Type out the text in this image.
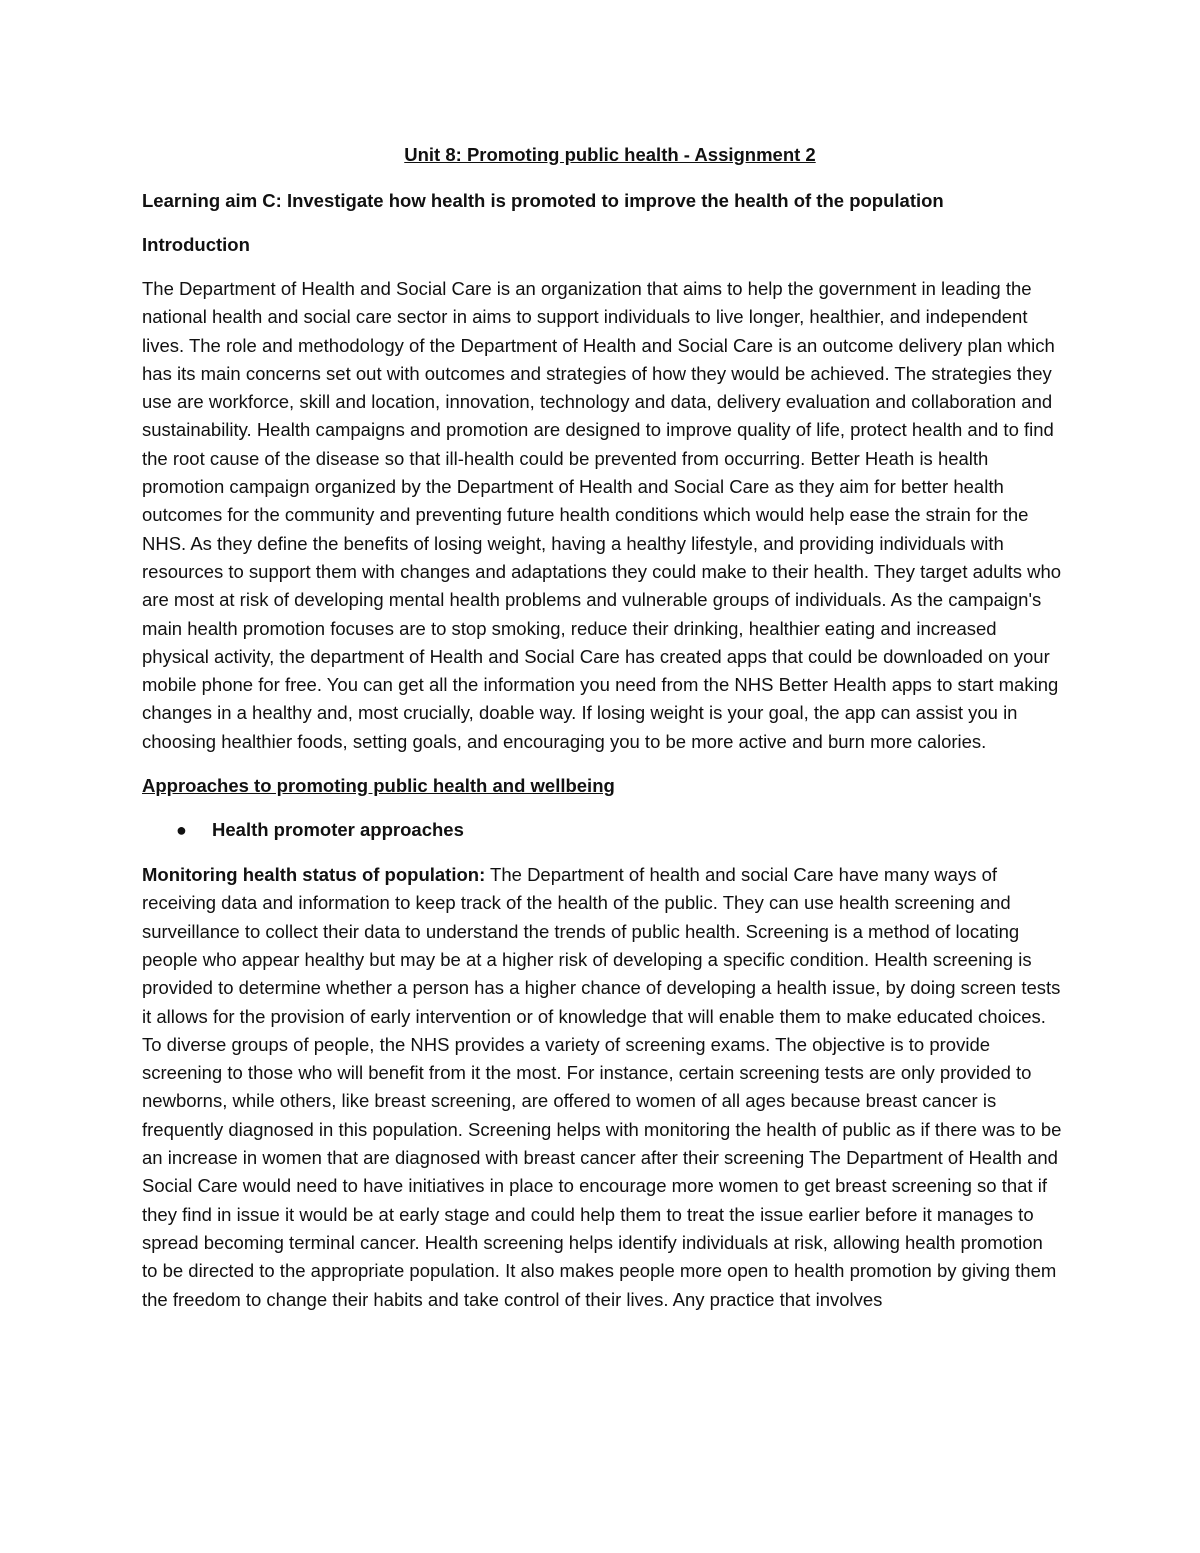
Unit 8: Promoting public health - Assignment 2
Learning aim C: Investigate how health is promoted to improve the health of the population
Introduction

The Department of Health and Social Care is an organization that aims to help the government in leading the national health and social care sector in aims to support individuals to live longer, healthier, and independent lives. The role and methodology of the Department of Health and Social Care is an outcome delivery plan which has its main concerns set out with outcomes and strategies of how they would be achieved. The strategies they use are workforce, skill and location, innovation, technology and data, delivery evaluation and collaboration and sustainability. Health campaigns and promotion are designed to improve quality of life, protect health and to find the root cause of the disease so that ill-health could be prevented from occurring. Better Heath is health promotion campaign organized by the Department of Health and Social Care as they aim for better health outcomes for the community and preventing future health conditions which would help ease the strain for the NHS. As they define the benefits of losing weight, having a healthy lifestyle, and providing individuals with resources to support them with changes and adaptations they could make to their health. They target adults who are most at risk of developing mental health problems and vulnerable groups of individuals. As the campaign's main health promotion focuses are to stop smoking, reduce their drinking, healthier eating and increased physical activity, the department of Health and Social Care has created apps that could be downloaded on your mobile phone for free. You can get all the information you need from the NHS Better Health apps to start making changes in a healthy and, most crucially, doable way. If losing weight is your goal, the app can assist you in choosing healthier foods, setting goals, and encouraging you to be more active and burn more calories.

Approaches to promoting public health and wellbeing
●	Health promoter approaches

Monitoring health status of population: The Department of health and social Care have many ways of receiving data and information to keep track of the health of the public. They can use health screening and surveillance to collect their data to understand the trends of public health. Screening is a method of locating people who appear healthy but may be at a higher risk of developing a specific condition. Health screening is provided to determine whether a person has a higher chance of developing a health issue, by doing screen tests it allows for the provision of early intervention or of knowledge that will enable them to make educated choices. To diverse groups of people, the NHS provides a variety of screening exams. The objective is to provide screening to those who will benefit from it the most. For instance, certain screening tests are only provided to newborns, while others, like breast screening, are offered to women of all ages because breast cancer is frequently diagnosed in this population. Screening helps with monitoring the health of public as if there was to be an increase in women that are diagnosed with breast cancer after their screening The Department of Health and Social Care would need to have initiatives in place to encourage more women to get breast screening so that if they find in issue it would be at early stage and could help them to treat the issue earlier before it manages to spread becoming terminal cancer. Health screening helps identify individuals at risk, allowing health promotion to be directed to the appropriate population. It also makes people more open to health promotion by giving them the freedom to change their habits and take control of their lives. Any practice that involves
